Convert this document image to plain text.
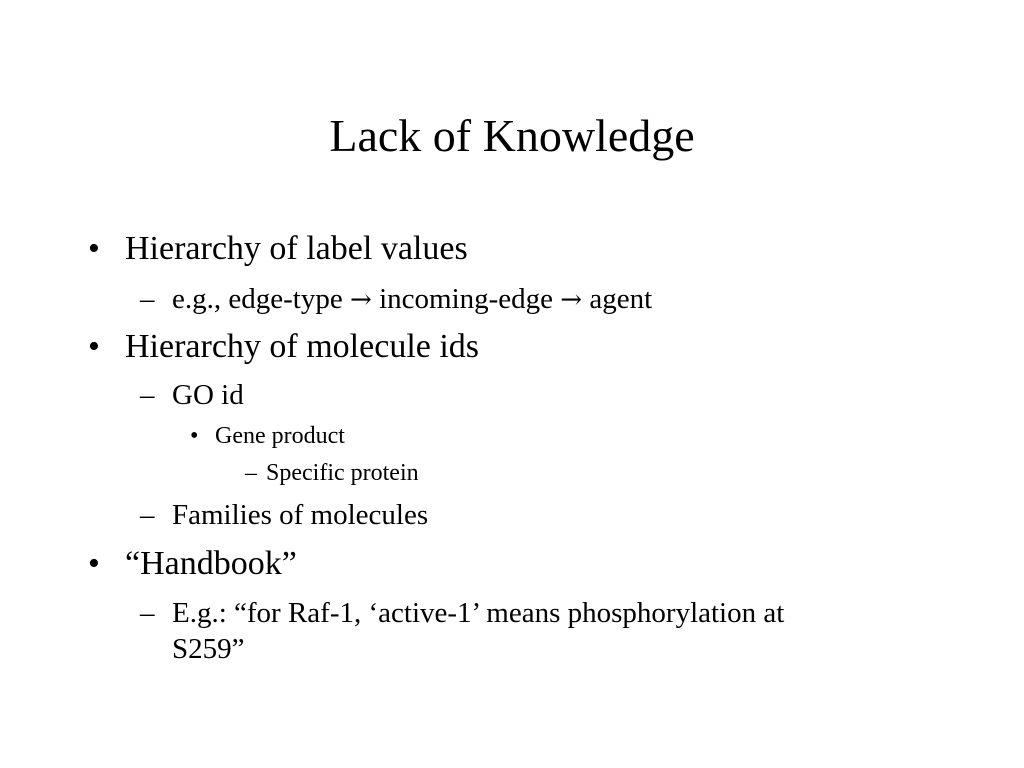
Lack of Knowledge
• Hierarchy of label values
– e.g., edge-type → incoming-edge → agent
• Hierarchy of molecule ids
– GO id
• Gene product
– Specific protein
– Families of molecules
• “Handbook”
– E.g.: “for Raf-1, ‘active-1’ means phosphorylation at
S259”
